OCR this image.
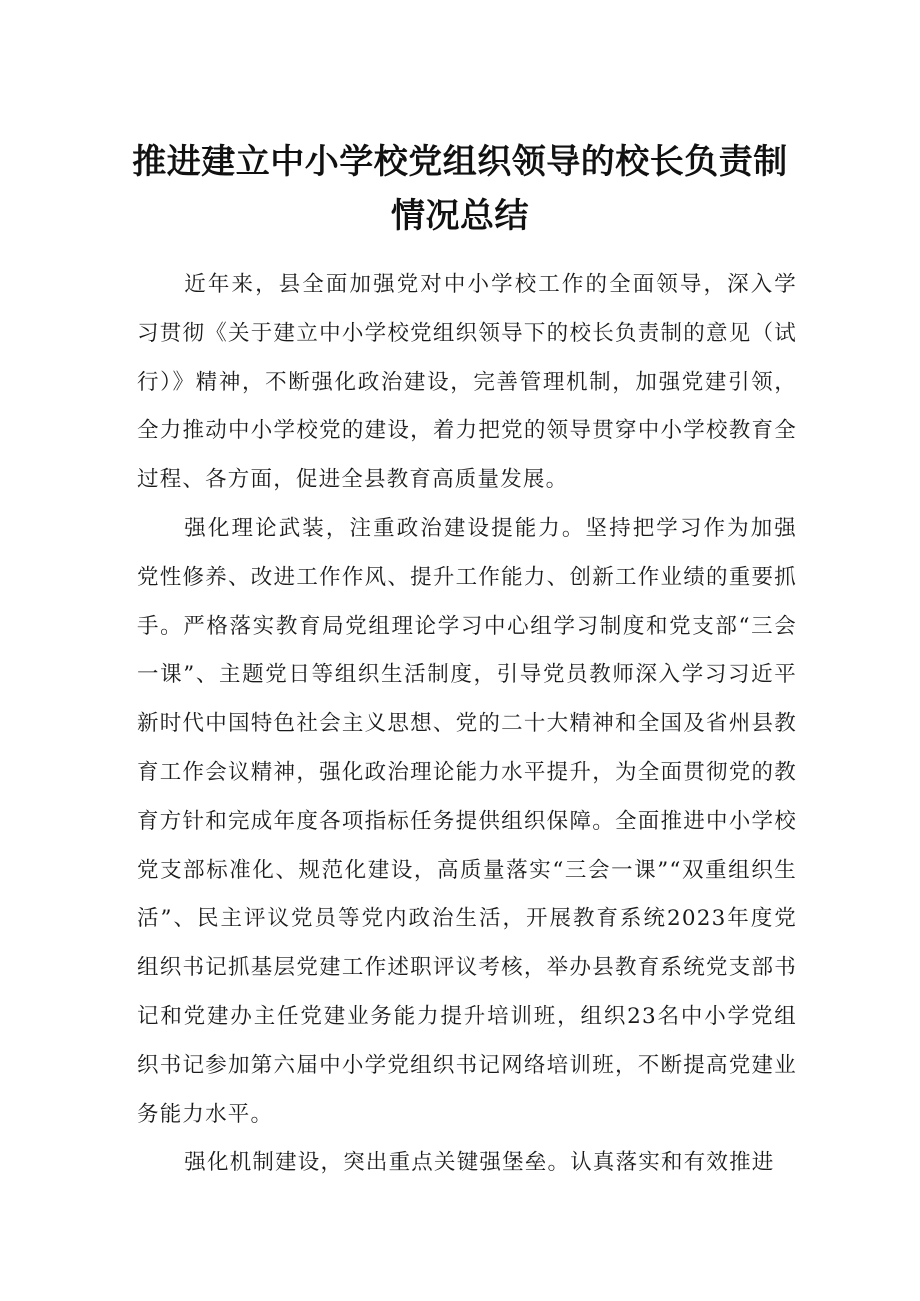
推进建立中小学校党组织领导的校长负责制
情况总结

近年来，县全面加强党对中小学校工作的全面领导，深入学习贯彻《关于建立中小学校党组织领导下的校长负责制的意见（试行）》精神，不断强化政治建设，完善管理机制，加强党建引领，全力推动中小学校党的建设，着力把党的领导贯穿中小学校教育全过程、各方面，促进全县教育高质量发展。

强化理论武装，注重政治建设提能力。坚持把学习作为加强党性修养、改进工作作风、提升工作能力、创新工作业绩的重要抓手。严格落实教育局党组理论学习中心组学习制度和党支部“三会一课”、主题党日等组织生活制度，引导党员教师深入学习习近平新时代中国特色社会主义思想、党的二十大精神和全国及省州县教育工作会议精神，强化政治理论能力水平提升，为全面贯彻党的教育方针和完成年度各项指标任务提供组织保障。全面推进中小学校党支部标准化、规范化建设，高质量落实“三会一课”“双重组织生活”、民主评议党员等党内政治生活，开展教育系统2023年度党组织书记抓基层党建工作述职评议考核，举办县教育系统党支部书记和党建办主任党建业务能力提升培训班，组织23名中小学党组织书记参加第六届中小学党组织书记网络培训班，不断提高党建业务能力水平。

强化机制建设，突出重点关键强堡垒。认真落实和有效推进
